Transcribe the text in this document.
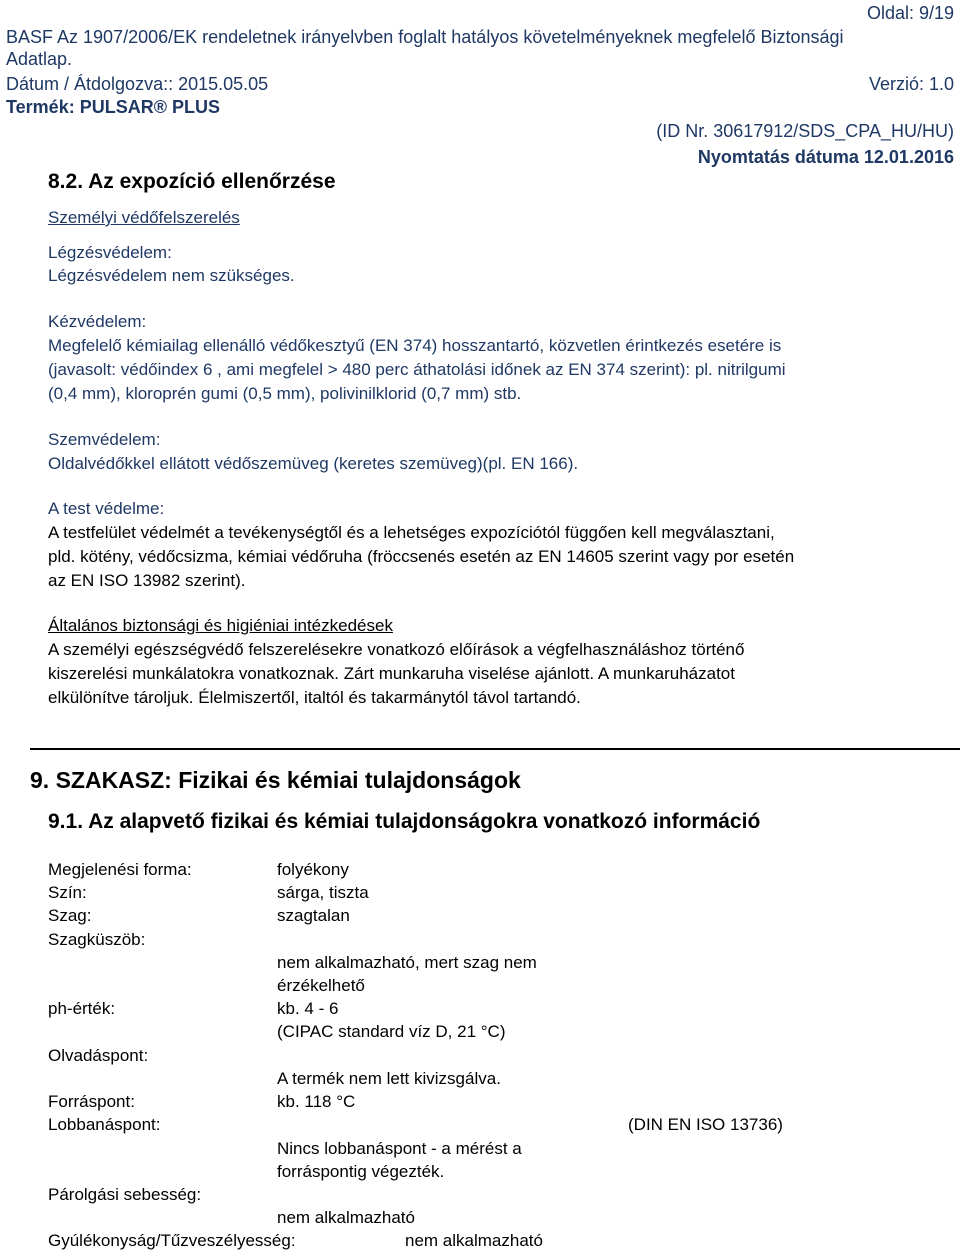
Oldal: 9/19
BASF Az 1907/2006/EK rendeletnek irányelvben foglalt hatályos követelményeknek megfelelő Biztonsági
Adatlap.
Dátum / Átdolgozva:: 2015.05.05	Verzió: 1.0
Termék: PULSAR® PLUS
(ID Nr. 30617912/SDS_CPA_HU/HU)
Nyomtatás dátuma 12.01.2016
8.2. Az expozíció ellenőrzése
Személyi védőfelszerelés
Légzésvédelem:
Légzésvédelem nem szükséges.
Kézvédelem:
Megfelelő kémiailag ellenálló védőkesztyű (EN 374) hosszantartó, közvetlen érintkezés esetére is
(javasolt: védőindex 6 , ami megfelel > 480 perc áthatolási időnek az EN 374 szerint): pl. nitrilgumi
(0,4 mm), kloroprén gumi (0,5 mm), polivinilklorid (0,7 mm) stb.
Szemvédelem:
Oldalvédőkkel ellátott védőszemüveg (keretes szemüveg)(pl. EN 166).
A test védelme:
A testfelület védelmét a tevékenységtől és a lehetséges expozíciótól függően kell megválasztani,
pld. kötény, védőcsizma, kémiai védőruha (fröccsenés esetén az EN 14605 szerint vagy por esetén
az EN ISO 13982 szerint).
Általános biztonsági és higiéniai intézkedések
A személyi egészségvédő felszerelésekre vonatkozó előírások a végfelhasználáshoz történő
kiszerelési munkálatokra vonatkoznak. Zárt munkaruha viselése ajánlott. A munkaruházatot
elkülönítve tároljuk. Élelmiszertől, italtól és takarmánytól távol tartandó.
9. SZAKASZ: Fizikai és kémiai tulajdonságok
9.1. Az alapvető fizikai és kémiai tulajdonságokra vonatkozó információ
Megjelenési forma:	folyékony
Szín:	sárga, tiszta
Szag:	szagtalan
Szagküszöb:
nem alkalmazható, mert szag nem
érzékelhető
ph-érték:	kb. 4 - 6
(CIPAC standard víz D, 21 °C)
Olvadáspont:
A termék nem lett kivizsgálva.
Forráspont:	kb. 118 °C
Lobbanáspont:	(DIN EN ISO 13736)
Nincs lobbanáspont - a mérést a
forráspontig végezték.
Párolgási sebesség:
nem alkalmazható
Gyúlékonyság/Tűzveszélyesség:	nem alkalmazható
